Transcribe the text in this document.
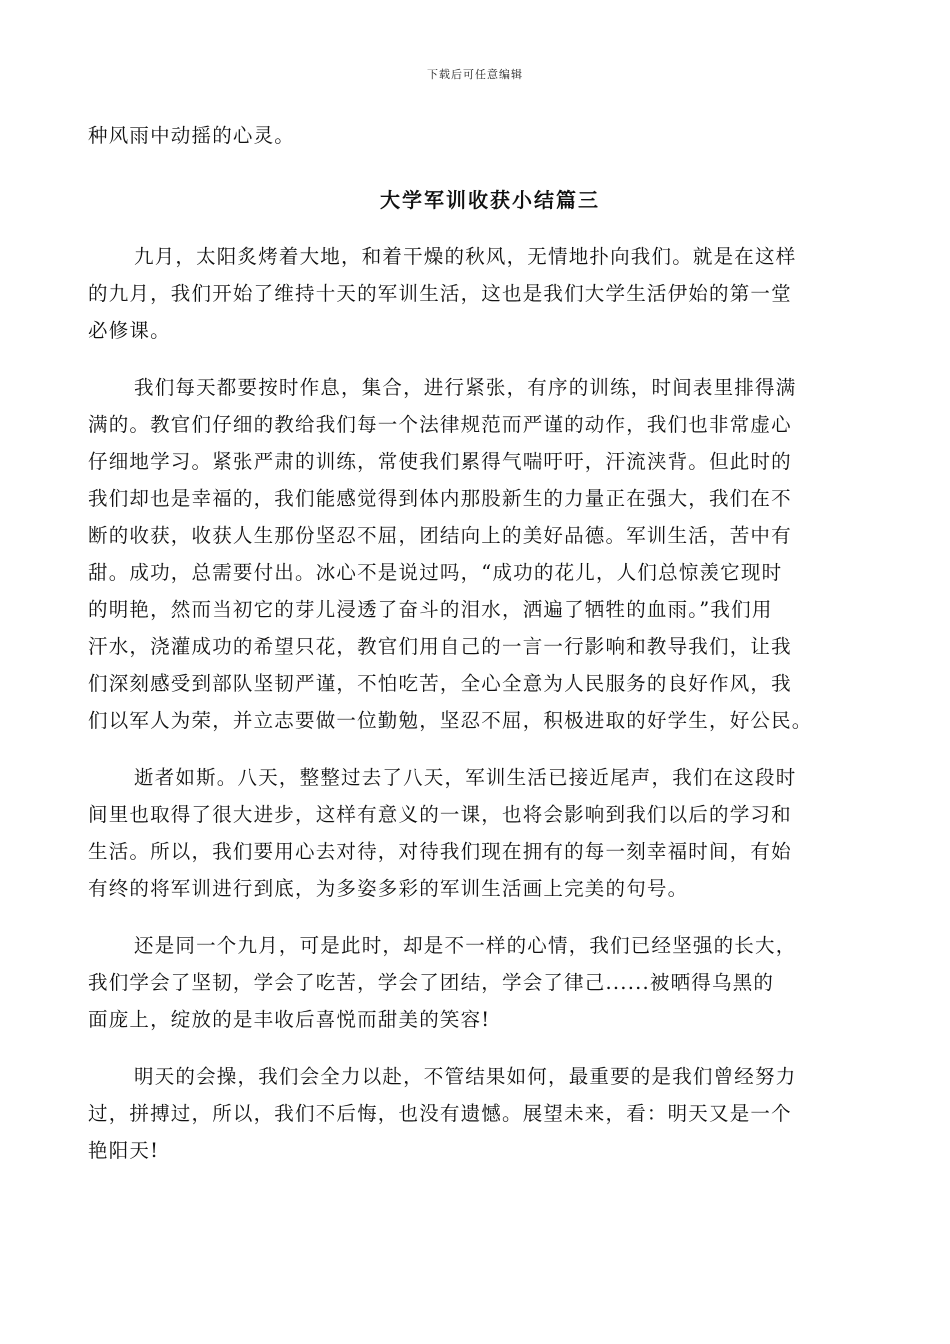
下载后可任意编辑
种风雨中动摇的心灵。
大学军训收获小结篇三
九月，太阳炙烤着大地，和着干燥的秋风，无情地扑向我们。就是在这样
的九月，我们开始了维持十天的军训生活，这也是我们大学生活伊始的第一堂
必修课。
我们每天都要按时作息，集合，进行紧张，有序的训练，时间表里排得满
满的。教官们仔细的教给我们每一个法律规范而严谨的动作，我们也非常虚心
仔细地学习。紧张严肃的训练，常使我们累得气喘吁吁，汗流浃背。但此时的
我们却也是幸福的，我们能感觉得到体内那股新生的力量正在强大，我们在不
断的收获，收获人生那份坚忍不屈，团结向上的美好品德。军训生活，苦中有
甜。成功，总需要付出。冰心不是说过吗，“成功的花儿，人们总惊羡它现时
的明艳，然而当初它的芽儿浸透了奋斗的泪水，洒遍了牺牲的血雨。”我们用
汗水，浇灌成功的希望只花，教官们用自己的一言一行影响和教导我们，让我
们深刻感受到部队坚韧严谨，不怕吃苦，全心全意为人民服务的良好作风，我
们以军人为荣，并立志要做一位勤勉，坚忍不屈，积极进取的好学生，好公民。
逝者如斯。八天，整整过去了八天，军训生活已接近尾声，我们在这段时
间里也取得了很大进步，这样有意义的一课，也将会影响到我们以后的学习和
生活。所以，我们要用心去对待，对待我们现在拥有的每一刻幸福时间，有始
有终的将军训进行到底，为多姿多彩的军训生活画上完美的句号。
还是同一个九月，可是此时，却是不一样的心情，我们已经坚强的长大，
我们学会了坚韧，学会了吃苦，学会了团结，学会了律己......被晒得乌黑的
面庞上，绽放的是丰收后喜悦而甜美的笑容!
明天的会操，我们会全力以赴，不管结果如何，最重要的是我们曾经努力
过，拼搏过，所以，我们不后悔，也没有遗憾。展望未来，看：明天又是一个
艳阳天!
